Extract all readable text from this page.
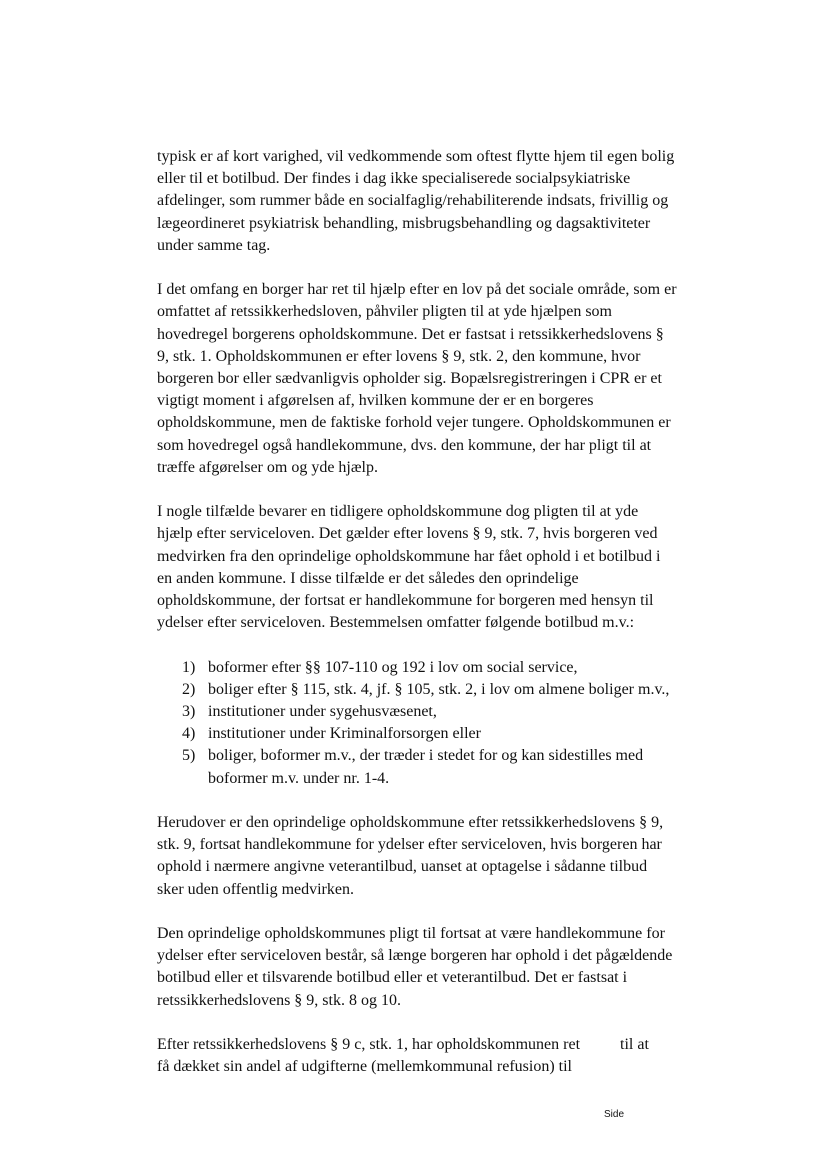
typisk er af kort varighed, vil vedkommende som oftest flytte hjem til egen bolig eller til et botilbud. Der findes i dag ikke specialiserede socialpsykiatriske afdelinger, som rummer både en socialfaglig/rehabiliterende indsats, frivillig og lægeordineret psykiatrisk behandling, misbrugsbehandling og dagsaktiviteter under samme tag.

I det omfang en borger har ret til hjælp efter en lov på det sociale område, som er omfattet af retssikkerhedsloven, påhviler pligten til at yde hjælpen som hovedregel borgerens opholdskommune. Det er fastsat i retssikkerhedslovens § 9, stk. 1. Opholdskommunen er efter lovens § 9, stk. 2, den kommune, hvor borgeren bor eller sædvanligvis opholder sig. Bopælsregistreringen i CPR er et vigtigt moment i afgørelsen af, hvilken kommune der er en borgeres opholdskommune, men de faktiske forhold vejer tungere. Opholdskommunen er som hovedregel også handlekommune, dvs. den kommune, der har pligt til at træffe afgørelser om og yde hjælp.

I nogle tilfælde bevarer en tidligere opholdskommune dog pligten til at yde hjælp efter serviceloven. Det gælder efter lovens § 9, stk. 7, hvis borgeren ved medvirken fra den oprindelige opholdskommune har fået ophold i et botilbud i en anden kommune. I disse tilfælde er det således den oprindelige opholdskommune, der fortsat er handlekommune for borgeren med hensyn til ydelser efter serviceloven. Bestemmelsen omfatter følgende botilbud m.v.:

1) boformer efter §§ 107-110 og 192 i lov om social service,
2) boliger efter § 115, stk. 4, jf. § 105, stk. 2, i lov om almene boliger m.v.,
3) institutioner under sygehusvæsenet,
4) institutioner under Kriminalforsorgen eller
5) boliger, boformer m.v., der træder i stedet for og kan sidestilles med boformer m.v. under nr. 1-4.

Herudover er den oprindelige opholdskommune efter retssikkerhedslovens § 9, stk. 9, fortsat handlekommune for ydelser efter serviceloven, hvis borgeren har ophold i nærmere angivne veterantilbud, uanset at optagelse i sådanne tilbud sker uden offentlig medvirken.

Den oprindelige opholdskommunes pligt til fortsat at være handlekommune for ydelser efter serviceloven består, så længe borgeren har ophold i det pågældende botilbud eller et tilsvarende botilbud eller et veterantilbud. Det er fastsat i retssikkerhedslovens § 9, stk. 8 og 10.

Efter retssikkerhedslovens § 9 c, stk. 1, har opholdskommunen ret          til at
få dækket sin andel af udgifterne (mellemkommunal refusion) til
Side
